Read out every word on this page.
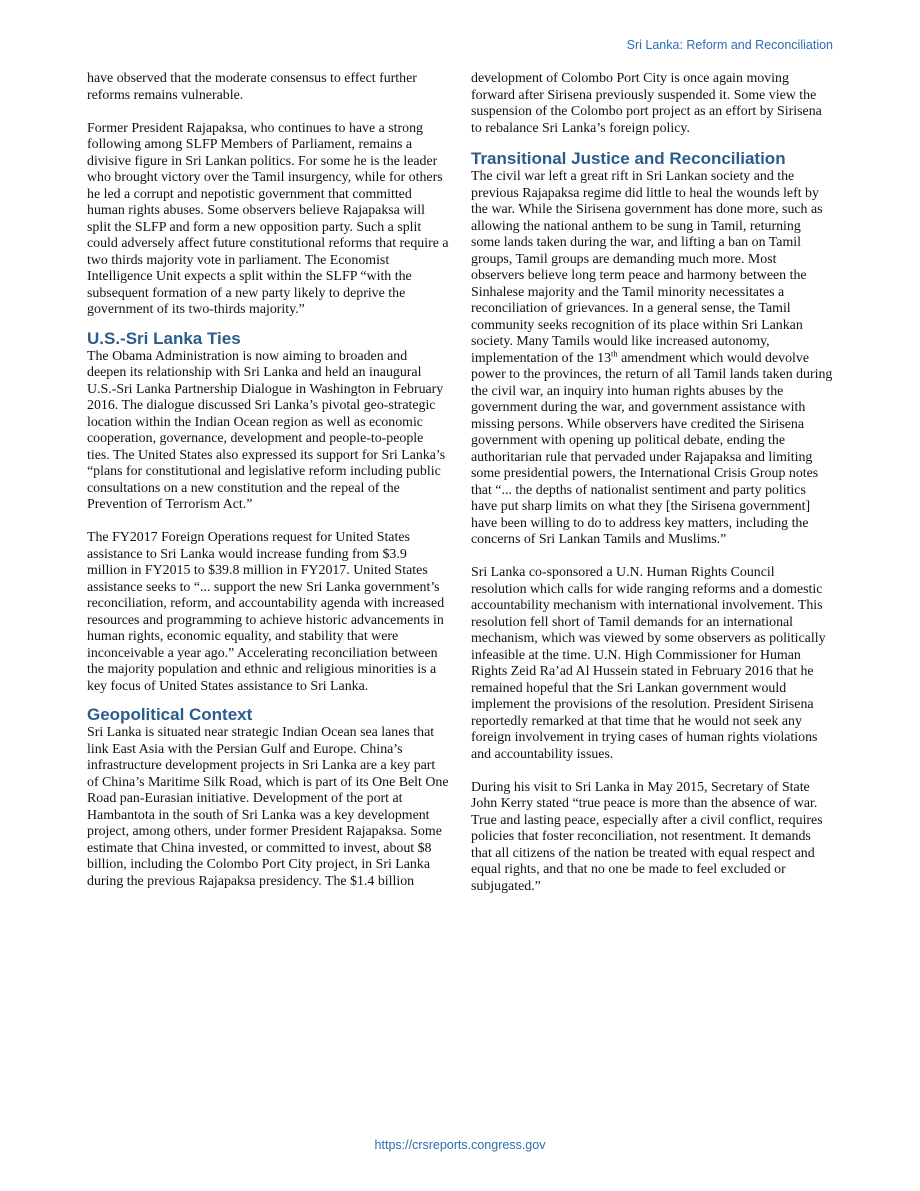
Sri Lanka: Reform and Reconciliation

have observed that the moderate consensus to effect further reforms remains vulnerable.

Former President Rajapaksa, who continues to have a strong following among SLFP Members of Parliament, remains a divisive figure in Sri Lankan politics. For some he is the leader who brought victory over the Tamil insurgency, while for others he led a corrupt and nepotistic government that committed human rights abuses. Some observers believe Rajapaksa will split the SLFP and form a new opposition party. Such a split could adversely affect future constitutional reforms that require a two thirds majority vote in parliament. The Economist Intelligence Unit expects a split within the SLFP “with the subsequent formation of a new party likely to deprive the government of its two-thirds majority.”

U.S.-Sri Lanka Ties

The Obama Administration is now aiming to broaden and deepen its relationship with Sri Lanka and held an inaugural U.S.-Sri Lanka Partnership Dialogue in Washington in February 2016. The dialogue discussed Sri Lanka’s pivotal geo-strategic location within the Indian Ocean region as well as economic cooperation, governance, development and people-to-people ties. The United States also expressed its support for Sri Lanka’s “plans for constitutional and legislative reform including public consultations on a new constitution and the repeal of the Prevention of Terrorism Act.”

The FY2017 Foreign Operations request for United States assistance to Sri Lanka would increase funding from $3.9 million in FY2015 to $39.8 million in FY2017. United States assistance seeks to “... support the new Sri Lanka government’s reconciliation, reform, and accountability agenda with increased resources and programming to achieve historic advancements in human rights, economic equality, and stability that were inconceivable a year ago.” Accelerating reconciliation between the majority population and ethnic and religious minorities is a key focus of United States assistance to Sri Lanka.

Geopolitical Context

Sri Lanka is situated near strategic Indian Ocean sea lanes that link East Asia with the Persian Gulf and Europe. China’s infrastructure development projects in Sri Lanka are a key part of China’s Maritime Silk Road, which is part of its One Belt One Road pan-Eurasian initiative. Development of the port at Hambantota in the south of Sri Lanka was a key development project, among others, under former President Rajapaksa. Some estimate that China invested, or committed to invest, about $8 billion, including the Colombo Port City project, in Sri Lanka during the previous Rajapaksa presidency. The $1.4 billion

development of Colombo Port City is once again moving forward after Sirisena previously suspended it. Some view the suspension of the Colombo port project as an effort by Sirisena to rebalance Sri Lanka’s foreign policy.

Transitional Justice and Reconciliation

The civil war left a great rift in Sri Lankan society and the previous Rajapaksa regime did little to heal the wounds left by the war. While the Sirisena government has done more, such as allowing the national anthem to be sung in Tamil, returning some lands taken during the war, and lifting a ban on Tamil groups, Tamil groups are demanding much more. Most observers believe long term peace and harmony between the Sinhalese majority and the Tamil minority necessitates a reconciliation of grievances. In a general sense, the Tamil community seeks recognition of its place within Sri Lankan society. Many Tamils would like increased autonomy, implementation of the 13th amendment which would devolve power to the provinces, the return of all Tamil lands taken during the civil war, an inquiry into human rights abuses by the government during the war, and government assistance with missing persons. While observers have credited the Sirisena government with opening up political debate, ending the authoritarian rule that pervaded under Rajapaksa and limiting some presidential powers, the International Crisis Group notes that “... the depths of nationalist sentiment and party politics have put sharp limits on what they [the Sirisena government] have been willing to do to address key matters, including the concerns of Sri Lankan Tamils and Muslims.”

Sri Lanka co-sponsored a U.N. Human Rights Council resolution which calls for wide ranging reforms and a domestic accountability mechanism with international involvement. This resolution fell short of Tamil demands for an international mechanism, which was viewed by some observers as politically infeasible at the time. U.N. High Commissioner for Human Rights Zeid Ra’ad Al Hussein stated in February 2016 that he remained hopeful that the Sri Lankan government would implement the provisions of the resolution. President Sirisena reportedly remarked at that time that he would not seek any foreign involvement in trying cases of human rights violations and accountability issues.

During his visit to Sri Lanka in May 2015, Secretary of State John Kerry stated “true peace is more than the absence of war. True and lasting peace, especially after a civil conflict, requires policies that foster reconciliation, not resentment. It demands that all citizens of the nation be treated with equal respect and equal rights, and that no one be made to feel excluded or subjugated.”

https://crsreports.congress.gov
